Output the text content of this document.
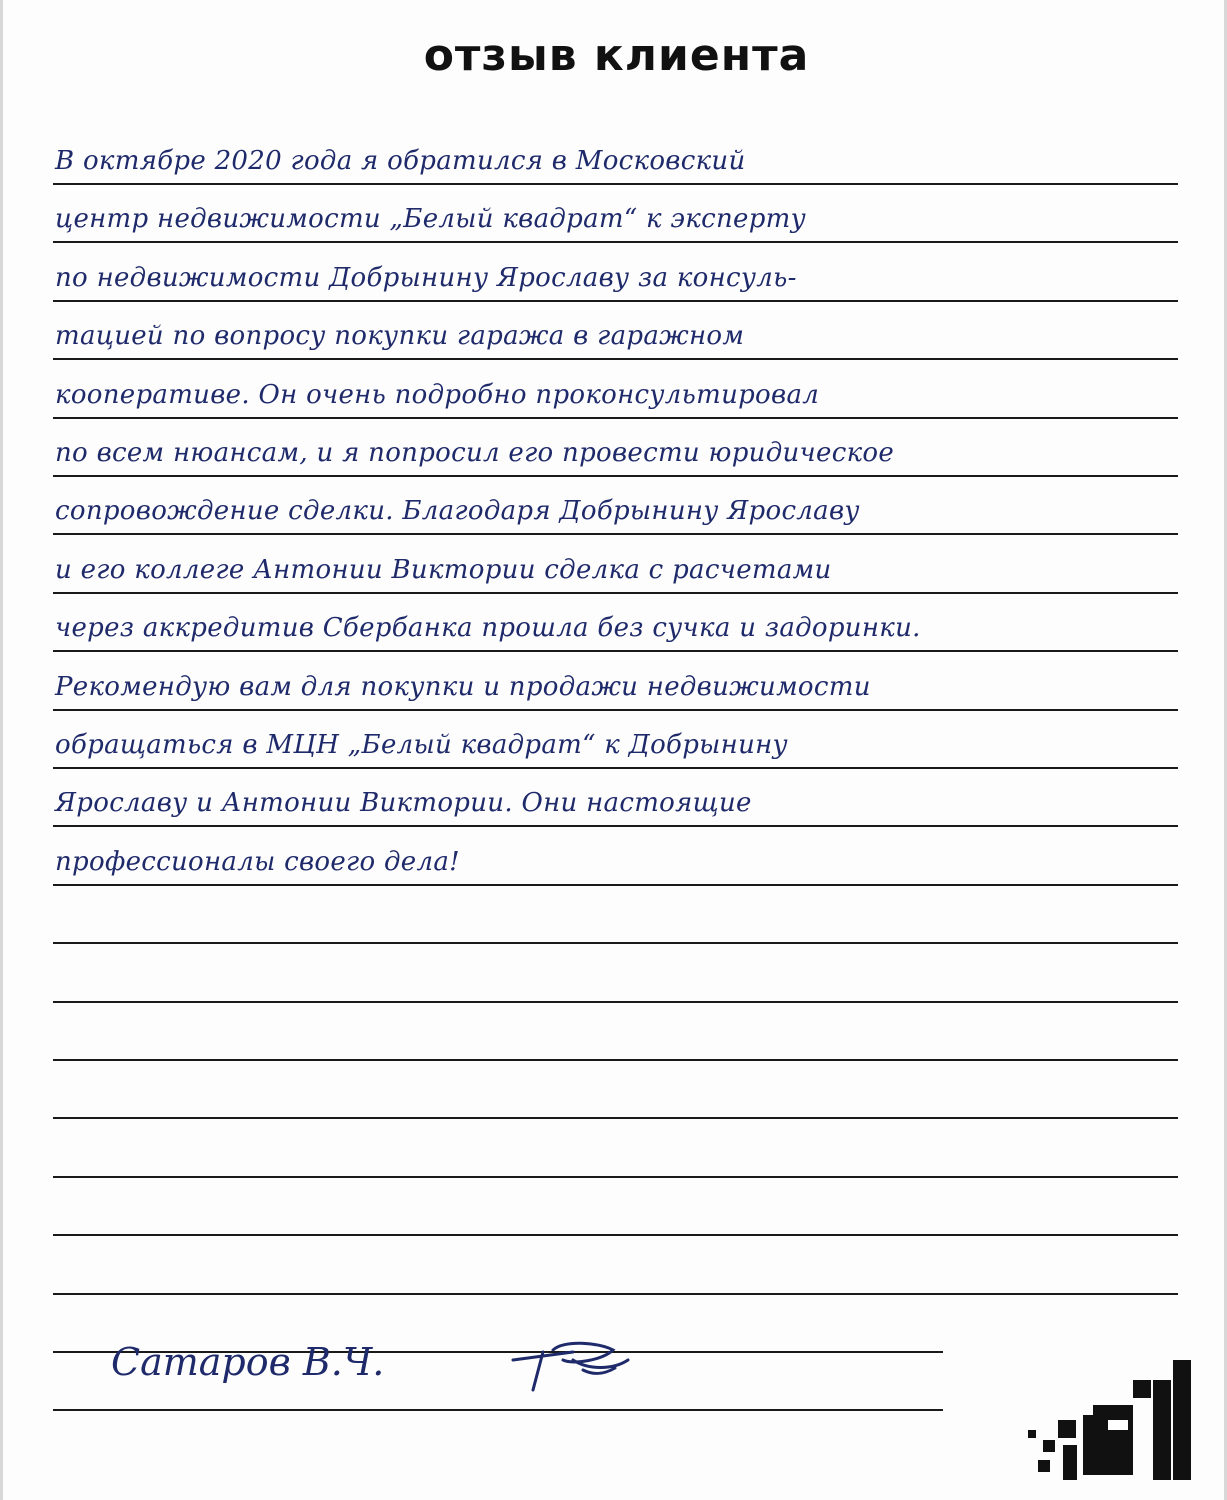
отзыв клиента
В октябре 2020 года я обратился в Московский
центр недвижимости „Белый квадрат“ к эксперту
по недвижимости Добрынину Ярославу за консуль-
тацией по вопросу покупки гаража в гаражном
кооперативе. Он очень подробно проконсультировал
по всем нюансам, и я попросил его провести юридическое
сопровождение сделки. Благодаря Добрынину Ярославу
и его коллеге Антонии Виктории сделка с расчетами
через аккредитив Сбербанка прошла без сучка и задоринки.
Рекомендую вам для покупки и продажи недвижимости
обращаться в МЦН „Белый квадрат“ к Добрынину
Ярославу и Антонии Виктории. Они настоящие
профессионалы своего дела!
Сатаров В.Ч.
